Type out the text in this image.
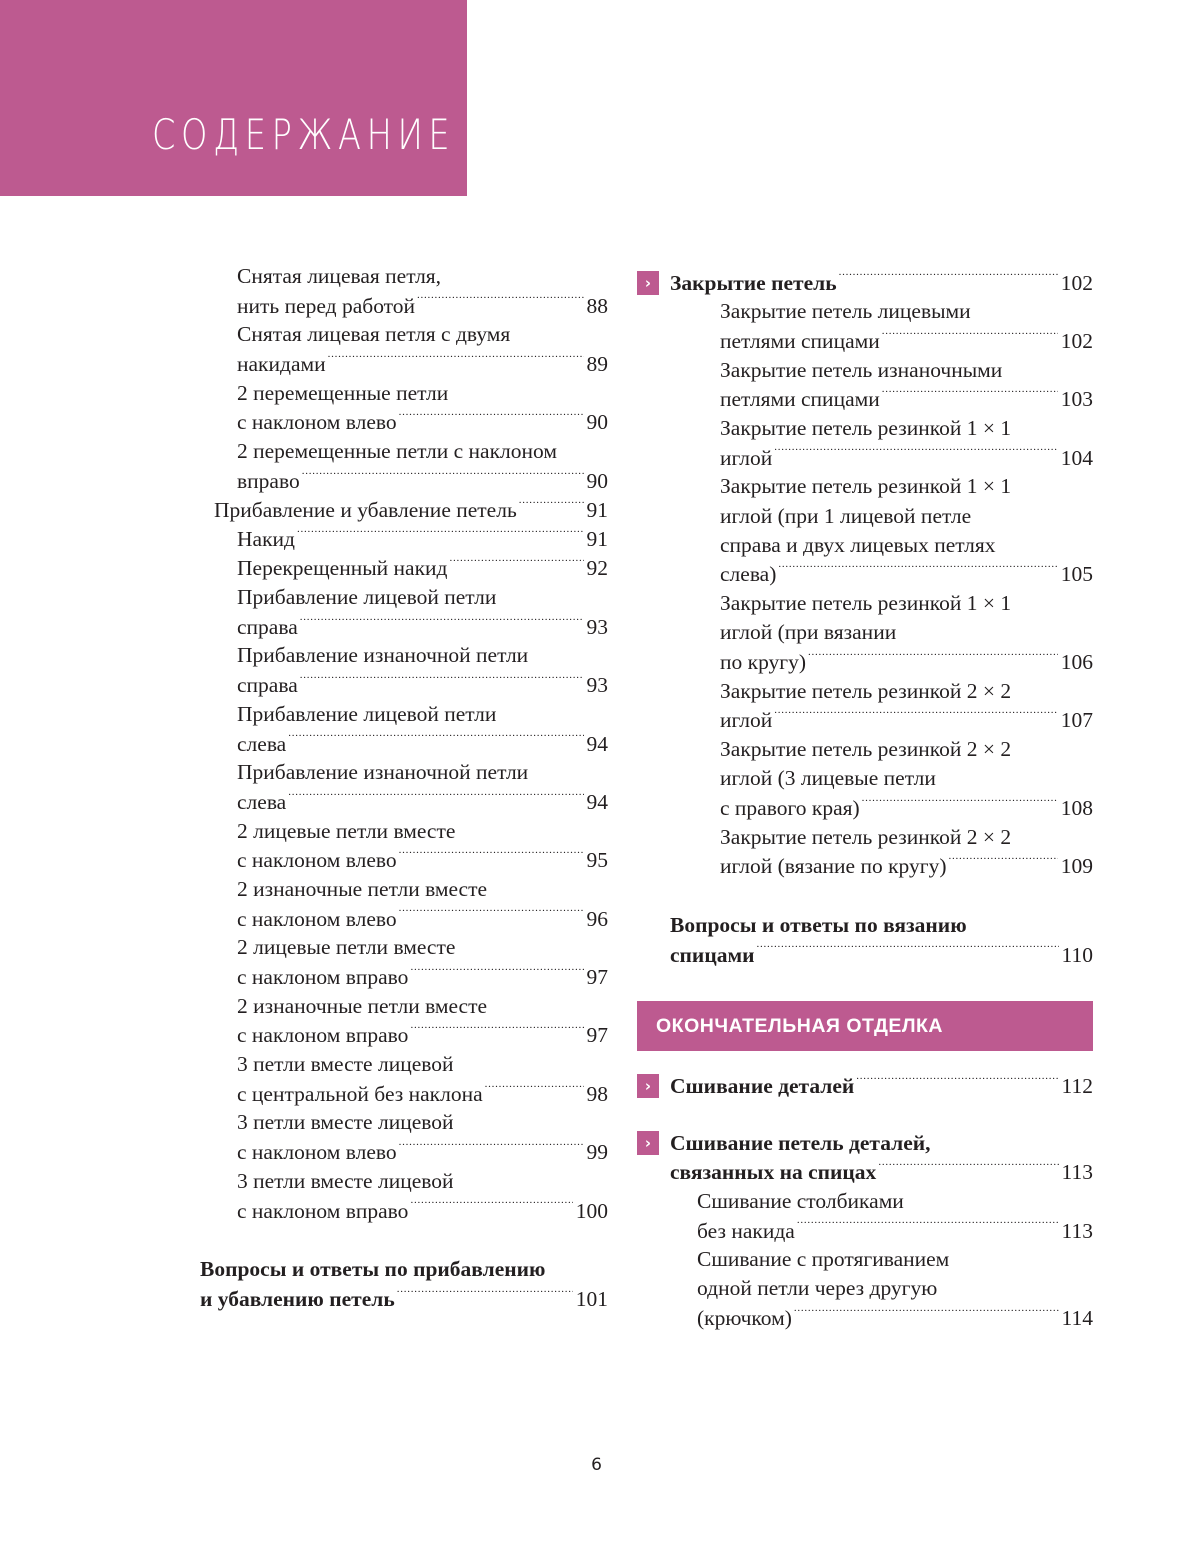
СОДЕРЖАНИЕ
Снятая лицевая петля,
нить перед работой . . .	88
Снятая лицевая петля с двумя
накидами . . .	89
2 перемещенные петли
с наклоном влево . . .	90
2 перемещенные петли с наклоном
вправо . . .	90
Прибавление и убавление петель . . .	91
Накид . . .	91
Перекрещенный накид . . .	92
Прибавление лицевой петли
справа . . .	93
Прибавление изнаночной петли
справа . . .	93
Прибавление лицевой петли
слева . . .	94
Прибавление изнаночной петли
слева . . .	94
2 лицевые петли вместе
с наклоном влево . . .	95
2 изнаночные петли вместе
с наклоном влево . . .	96
2 лицевые петли вместе
с наклоном вправо . . .	97
2 изнаночные петли вместе
с наклоном вправо . . .	97
3 петли вместе лицевой
с центральной без наклона . . .	98
3 петли вместе лицевой
с наклоном влево . . .	99
3 петли вместе лицевой
с наклоном вправо . . .	100
Вопросы и ответы по прибавлению
и убавлению петель . . .	101
› Закрытие петель . . .	102
Закрытие петель лицевыми
петлями спицами . . .	102
Закрытие петель изнаночными
петлями спицами . . .	103
Закрытие петель резинкой 1 × 1
иглой . . .	104
Закрытие петель резинкой 1 × 1
иглой (при 1 лицевой петле
справа и двух лицевых петлях
слева) . . .	105
Закрытие петель резинкой 1 × 1
иглой (при вязании
по кругу) . . .	106
Закрытие петель резинкой 2 × 2
иглой . . .	107
Закрытие петель резинкой 2 × 2
иглой (3 лицевые петли
с правого края) . . .	108
Закрытие петель резинкой 2 × 2
иглой (вязание по кругу) . . .	109
Вопросы и ответы по вязанию
спицами . . .	110
ОКОНЧАТЕЛЬНАЯ ОТДЕЛКА
› Сшивание деталей . . .	112
› Сшивание петель деталей,
связанных на спицах . . .	113
Сшивание столбиками
без накида . . .	113
Сшивание с протягиванием
одной петли через другую
(крючком) . . .	114
6
